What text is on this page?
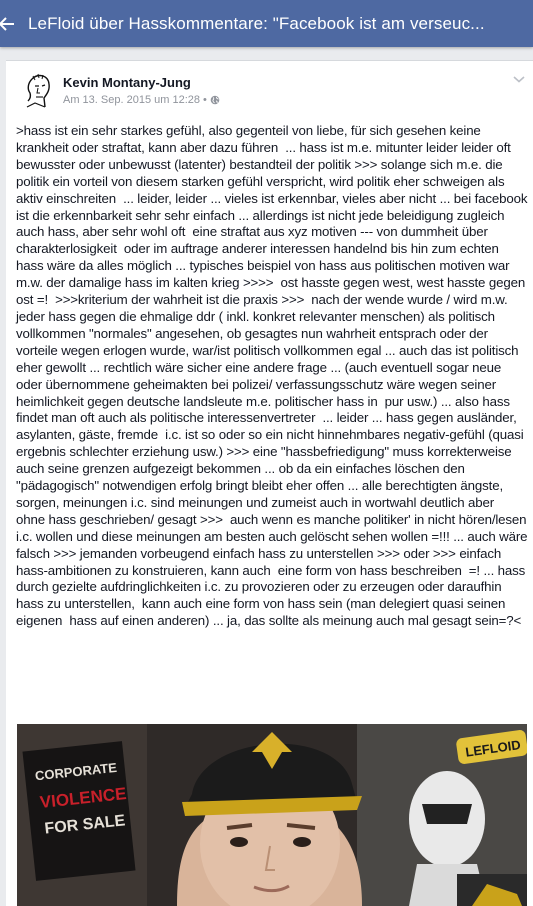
LeFloid über Hasskommentare: "Facebook ist am verseuc...
Kevin Montany-Jung
Am 13. Sep. 2015 um 12:28 •
>hass ist ein sehr starkes gefühl, also gegenteil von liebe, für sich gesehen keine krankheit oder straftat, kann aber dazu führen  ... hass ist m.e. mitunter leider leider oft bewusster oder unbewusst (latenter) bestandteil der politik >>> solange sich m.e. die politik ein vorteil von diesem starken gefühl verspricht, wird politik eher schweigen als aktiv einschreiten  ... leider, leider ... vieles ist erkennbar, vieles aber nicht ... bei facebook ist die erkennbarkeit sehr sehr einfach ... allerdings ist nicht jede beleidigung zugleich auch hass, aber sehr wohl oft  eine straftat aus xyz motiven --- von dummheit über charakterlosigkeit  oder im auftrage anderer interessen handelnd bis hin zum echten hass wäre da alles möglich ... typisches beispiel von hass aus politischen motiven war m.w. der damalige hass im kalten krieg >>>>  ost hasste gegen west, west hasste gegen ost =!  >>>kriterium der wahrheit ist die praxis >>>  nach der wende wurde / wird m.w. jeder hass gegen die ehmalige ddr ( inkl. konkret relevanter menschen) als politisch vollkommen "normales" angesehen, ob gesagtes nun wahrheit entsprach oder der vorteile wegen erlogen wurde, war/ist politisch vollkommen egal ... auch das ist politisch eher gewollt ... rechtlich wäre sicher eine andere frage ... (auch eventuell sogar neue oder übernommene geheimakten bei polizei/ verfassungsschutz wäre wegen seiner heimlichkeit gegen deutsche landsleute m.e. politischer hass in  pur usw.) ... also hass findet man oft auch als politische interessenvertreter  ... leider ... hass gegen ausländer, asylanten, gäste, fremde  i.c. ist so oder so ein nicht hinnehmbares negativ-gefühl (quasi ergebnis schlechter erziehung usw.) >>> eine "hassbefriedigung" muss korrekterweise auch seine grenzen aufgezeigt bekommen ... ob da ein einfaches löschen den "pädagogisch" notwendigen erfolg bringt bleibt eher offen ... alle berechtigten ängste, sorgen, meinungen i.c. sind meinungen und zumeist auch in wortwahl deutlich aber  ohne hass geschrieben/ gesagt >>>  auch wenn es manche politiker' in nicht hören/lesen i.c. wollen und diese meinungen am besten auch gelöscht sehen wollen =!!! ... auch wäre falsch >>> jemanden vorbeugend einfach hass zu unterstellen >>> oder >>> einfach  hass-ambitionen zu konstruieren, kann auch  eine form von hass beschreiben  =! ... hass durch gezielte aufdringlichkeiten i.c. zu provozieren oder zu erzeugen oder daraufhin hass zu unterstellen,  kann auch eine form von hass sein (man delegiert quasi seinen eigenen  hass auf einen anderen) ... ja, das sollte als meinung auch mal gesagt sein=?<
CORPORATE
VIOLENCE
FOR SALE
LEFLOID
